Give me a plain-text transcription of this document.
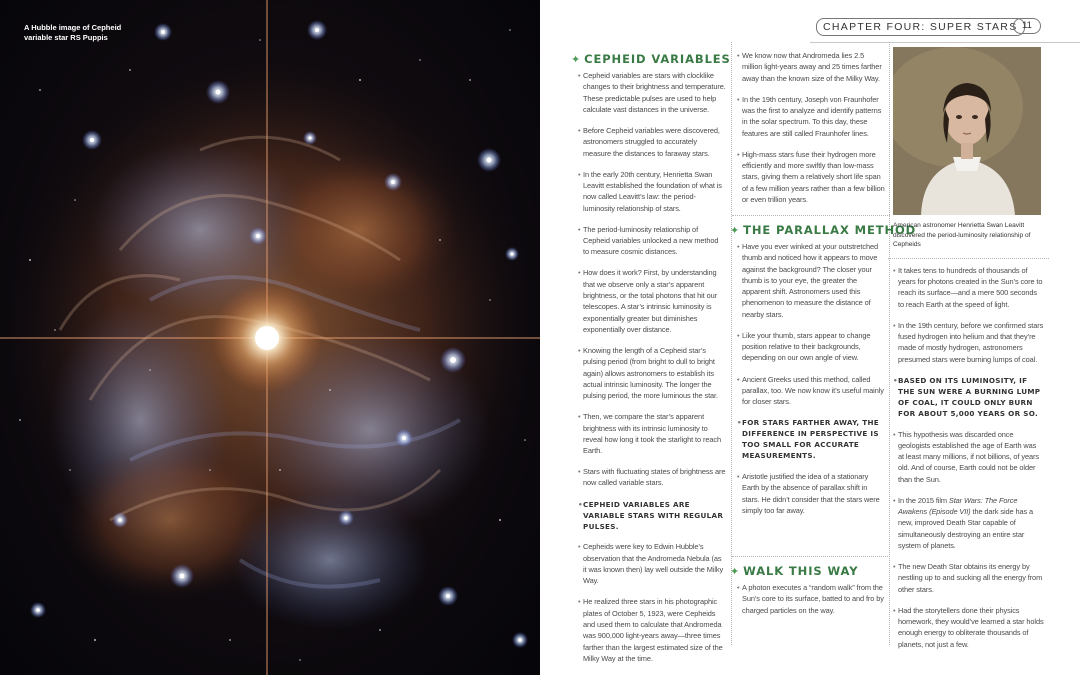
A Hubble image of Cepheid variable star RS Puppis
CHAPTER FOUR: SUPER STARS 11
✦ CEPHEID VARIABLES

• Cepheid variables are stars with clocklike changes to their brightness and temperature. These predictable pulses are used to help calculate vast distances in the universe.

• Before Cepheid variables were discovered, astronomers struggled to accurately measure the distances to faraway stars.

• In the early 20th century, Henrietta Swan Leavitt established the foundation of what is now called Leavitt’s law: the period-luminosity relationship of stars.

• The period-luminosity relationship of Cepheid variables unlocked a new method to measure cosmic distances.

• How does it work? First, by understanding that we observe only a star’s apparent brightness, or the total photons that hit our telescopes. A star’s intrinsic luminosity is exponentially greater but diminishes exponentially over distance.

• Knowing the length of a Cepheid star’s pulsing period (from bright to dull to bright again) allows astronomers to establish its actual intrinsic luminosity. The longer the pulsing period, the more luminous the star.

• Then, we compare the star’s apparent brightness with its intrinsic luminosity to reveal how long it took the starlight to reach Earth.

• Stars with fluctuating states of brightness are now called variable stars.

• CEPHEID VARIABLES ARE VARIABLE STARS WITH REGULAR PULSES.

• Cepheids were key to Edwin Hubble’s observation that the Andromeda Nebula (as it was known then) lay well outside the Milky Way.

• He realized three stars in his photographic plates of October 5, 1923, were Cepheids and used them to calculate that Andromeda was 900,000 light-years away—three times farther than the largest estimated size of the Milky Way at the time.

• We know now that Andromeda lies 2.5 million light-years away and 25 times farther away than the known size of the Milky Way.

• In the 19th century, Joseph von Fraunhofer was the first to analyze and identify patterns in the solar spectrum. To this day, these features are still called Fraunhofer lines.

• High-mass stars fuse their hydrogen more efficiently and more swiftly than low-mass stars, giving them a relatively short life span of a few million years rather than a few billion or even trillion years.

✦ THE PARALLAX METHOD

• Have you ever winked at your outstretched thumb and noticed how it appears to move against the background? The closer your thumb is to your eye, the greater the apparent shift. Astronomers used this phenomenon to measure the distance of nearby stars.

• Like your thumb, stars appear to change position relative to their backgrounds, depending on our own angle of view.

• Ancient Greeks used this method, called parallax, too. We now know it’s useful mainly for closer stars.

• FOR STARS FARTHER AWAY, THE DIFFERENCE IN PERSPECTIVE IS TOO SMALL FOR ACCURATE MEASUREMENTS.

• Aristotle justified the idea of a stationary Earth by the absence of parallax shift in stars. He didn’t consider that the stars were simply too far away.

✦ WALK THIS WAY

• A photon executes a “random walk” from the Sun’s core to its surface, batted to and fro by charged particles on the way.

American astronomer Henrietta Swan Leavitt discovered the period-luminosity relationship of Cepheids

• It takes tens to hundreds of thousands of years for photons created in the Sun’s core to reach its surface—and a mere 500 seconds to reach Earth at the speed of light.

• In the 19th century, before we confirmed stars fused hydrogen into helium and that they’re made of mostly hydrogen, astronomers presumed stars were burning lumps of coal.

• BASED ON ITS LUMINOSITY, IF THE SUN WERE A BURNING LUMP OF COAL, IT COULD ONLY BURN FOR ABOUT 5,000 YEARS OR SO.

• This hypothesis was discarded once geologists established the age of Earth was at least many millions, if not billions, of years old. And of course, Earth could not be older than the Sun.

• In the 2015 film Star Wars: The Force Awakens (Episode VII) the dark side has a new, improved Death Star capable of simultaneously destroying an entire star system of planets.

• The new Death Star obtains its energy by nestling up to and sucking all the energy from other stars.

• Had the storytellers done their physics homework, they would’ve learned a star holds enough energy to obliterate thousands of planets, not just a few.
